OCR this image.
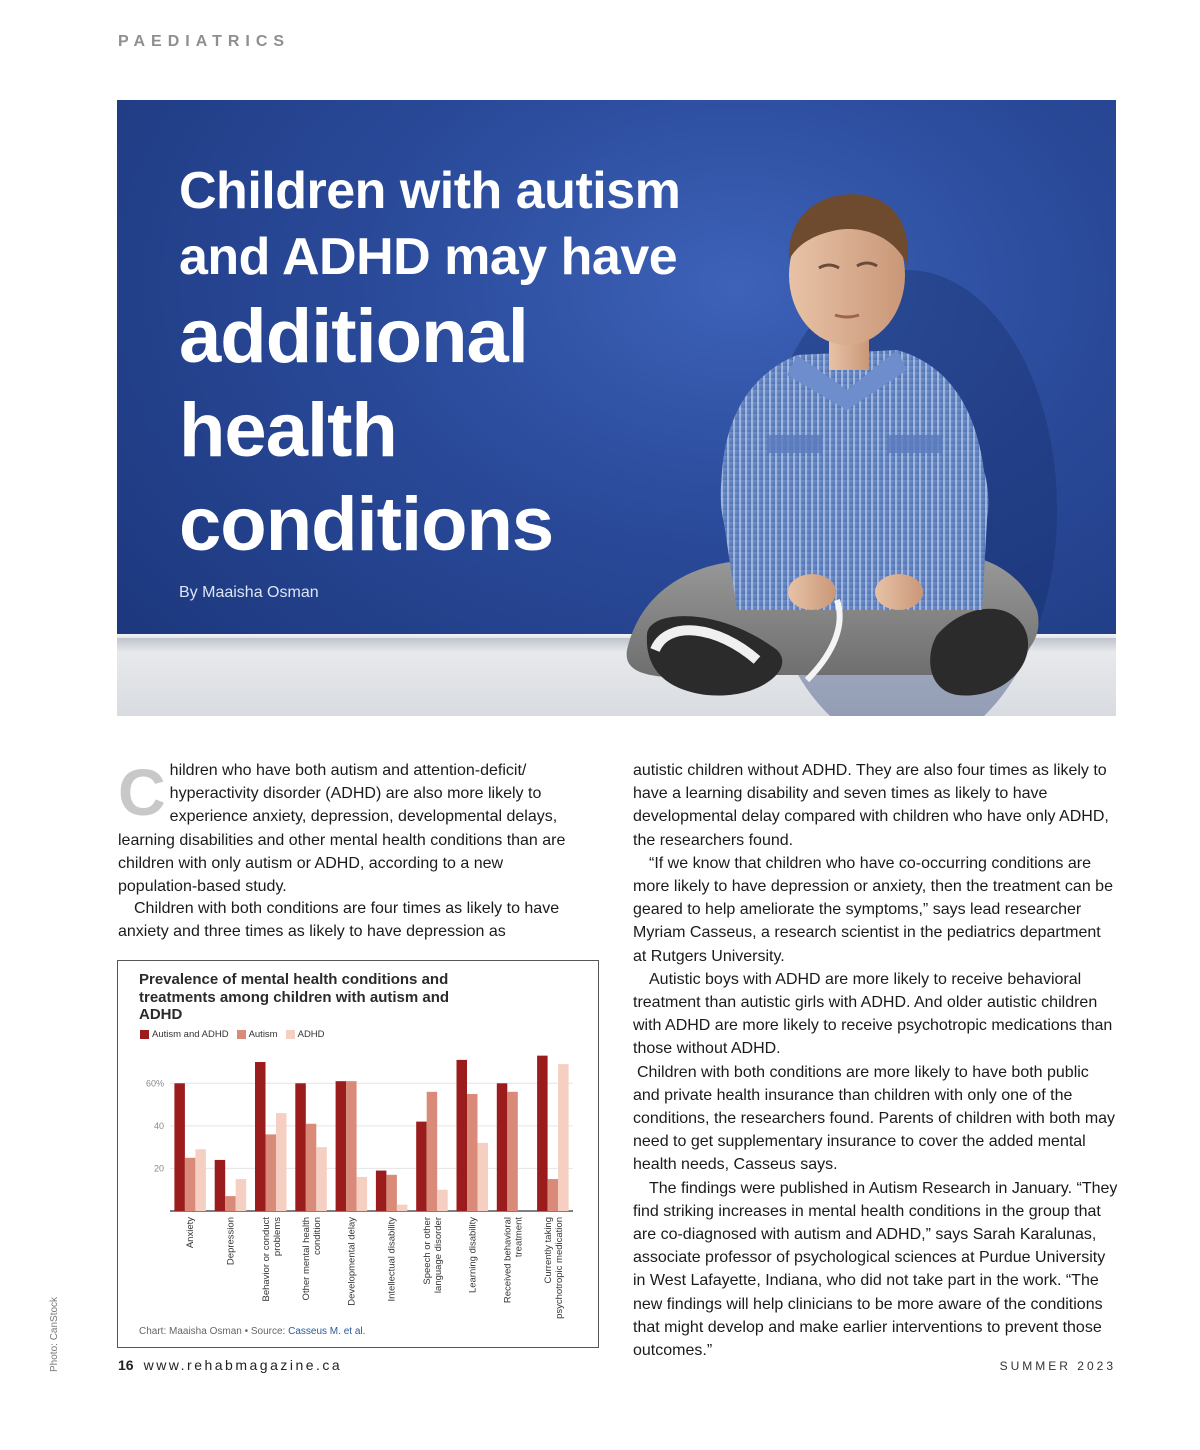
PAEDIATRICS
Children with autism
and ADHD may have
additional
health
conditions
By Maaisha Osman

Children who have both autism and attention-deficit/ hyperactivity disorder (ADHD) are also more likely to experience anxiety, depression, developmental delays, learning disabilities and other mental health conditions than are children with only autism or ADHD, according to a new population-based study.

Children with both conditions are four times as likely to have anxiety and three times as likely to have depression as

autistic children without ADHD. They are also four times as likely to have a learning disability and seven times as likely to have developmental delay compared with children who have only ADHD, the researchers found.

“If we know that children who have co-occurring conditions are more likely to have depression or anxiety, then the treatment can be geared to help ameliorate the symptoms,” says lead researcher Myriam Casseus, a research scientist in the pediatrics department at Rutgers University.

Autistic boys with ADHD are more likely to receive behavioral treatment than autistic girls with ADHD. And older autistic children with ADHD are more likely to receive psychotropic medications than those without ADHD.

Children with both conditions are more likely to have both public and private health insurance than children with only one of the conditions, the researchers found. Parents of children with both may need to get supplementary insurance to cover the added mental health needs, Casseus says.

The findings were published in Autism Research in January. “They find striking increases in mental health conditions in the group that are co-diagnosed with autism and ADHD,” says Sarah Karalunas, associate professor of psychological sciences at Purdue University in West Lafayette, Indiana, who did not take part in the work. “The new findings will help clinicians to be more aware of the conditions that might develop and make earlier interventions to prevent those outcomes.”

Prevalence of mental health conditions and treatments among children with autism and ADHD
Autism and ADHD Autism ADHD
20
40
60%
Anxiety	Depression	Behavior or conductproblems Other mental healthcondition Developmental delay	Intellectual disability	Speech or otherlanguage disorder Learning disability	Received behavioraltreatment Currently takingpsychotropic medication
Chart: Maaisha Osman • Source: Casseus M. et al.
Photo: CanStock	16 www.rehabmagazine.ca	SUMMER 2023
